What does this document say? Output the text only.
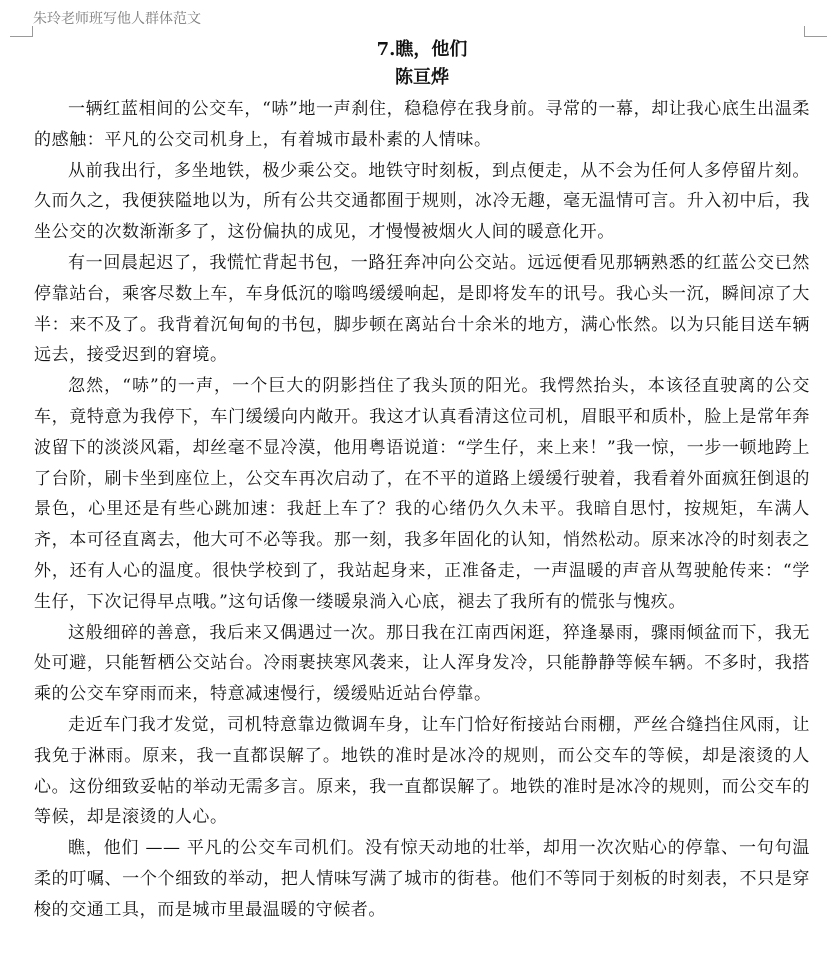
朱玲老师班写他人群体范文

7.瞧，他们

陈亘烨

一辆红蓝相间的公交车，“哧”地一声刹住，稳稳停在我身前。寻常的一幕，却让我心底生出温柔的感触：平凡的公交司机身上，有着城市最朴素的人情味。

从前我出行，多坐地铁，极少乘公交。地铁守时刻板，到点便走，从不会为任何人多停留片刻。久而久之，我便狭隘地以为，所有公共交通都囿于规则，冰冷无趣，毫无温情可言。升入初中后，我坐公交的次数渐渐多了，这份偏执的成见，才慢慢被烟火人间的暖意化开。

有一回晨起迟了，我慌忙背起书包，一路狂奔冲向公交站。远远便看见那辆熟悉的红蓝公交已然停靠站台，乘客尽数上车，车身低沉的嗡鸣缓缓响起，是即将发车的讯号。我心头一沉，瞬间凉了大半：来不及了。我背着沉甸甸的书包，脚步顿在离站台十余米的地方，满心怅然。以为只能目送车辆远去，接受迟到的窘境。

忽然，“哧”的一声，一个巨大的阴影挡住了我头顶的阳光。我愕然抬头，本该径直驶离的公交车，竟特意为我停下，车门缓缓向内敞开。我这才认真看清这位司机，眉眼平和质朴，脸上是常年奔波留下的淡淡风霜，却丝毫不显冷漠，他用粤语说道：“学生仔，来上来！”我一惊，一步一顿地跨上了台阶，刷卡坐到座位上，公交车再次启动了，在不平的道路上缓缓行驶着，我看着外面疯狂倒退的景色，心里还是有些心跳加速：我赶上车了？我的心绪仍久久未平。我暗自思忖，按规矩，车满人齐，本可径直离去，他大可不必等我。那一刻，我多年固化的认知，悄然松动。原来冰冷的时刻表之外，还有人心的温度。很快学校到了，我站起身来，正准备走，一声温暖的声音从驾驶舱传来：“学生仔，下次记得早点哦。”这句话像一缕暖泉淌入心底，褪去了我所有的慌张与愧疚。

这般细碎的善意，我后来又偶遇过一次。那日我在江南西闲逛，猝逢暴雨，骤雨倾盆而下，我无处可避，只能暂栖公交站台。冷雨裹挟寒风袭来，让人浑身发冷，只能静静等候车辆。不多时，我搭乘的公交车穿雨而来，特意减速慢行，缓缓贴近站台停靠。

走近车门我才发觉，司机特意靠边微调车身，让车门恰好衔接站台雨棚，严丝合缝挡住风雨，让我免于淋雨。原来，我一直都误解了。地铁的准时是冰冷的规则，而公交车的等候，却是滚烫的人心。这份细致妥帖的举动无需多言。原来，我一直都误解了。地铁的准时是冰冷的规则，而公交车的等候，却是滚烫的人心。

瞧，他们 —— 平凡的公交车司机们。没有惊天动地的壮举，却用一次次贴心的停靠、一句句温柔的叮嘱、一个个细致的举动，把人情味写满了城市的街巷。他们不等同于刻板的时刻表，不只是穿梭的交通工具，而是城市里最温暖的守候者。
